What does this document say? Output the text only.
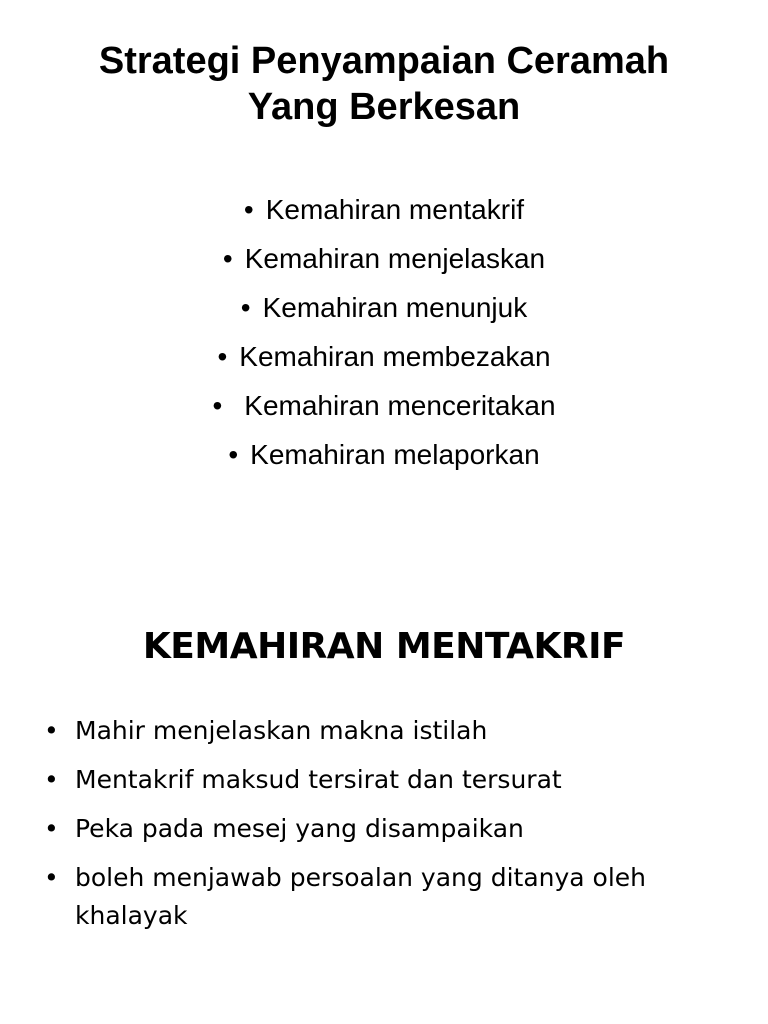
Strategi Penyampaian Ceramah
Yang Berkesan
• Kemahiran mentakrif
• Kemahiran menjelaskan
• Kemahiran menunjuk
• Kemahiran membezakan
• Kemahiran menceritakan
• Kemahiran melaporkan
KEMAHIRAN MENTAKRIF
• Mahir menjelaskan makna istilah
• Mentakrif maksud tersirat dan tersurat
• Peka pada mesej yang disampaikan
• boleh menjawab persoalan yang ditanya oleh khalayak
